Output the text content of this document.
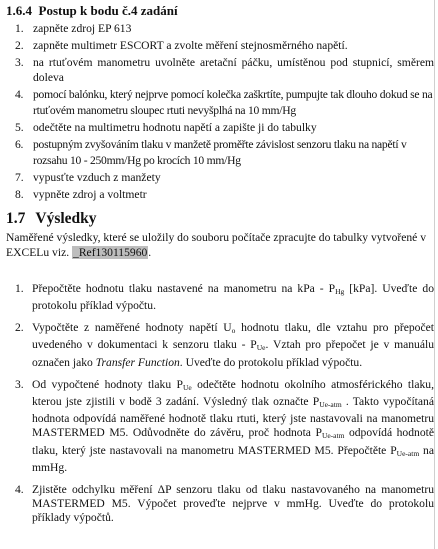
1.6.4 Postup k bodu č.4 zadání
1. zapněte zdroj EP 613
2. zapněte multimetr ESCORT a zvolte měření stejnosměrného napětí.
3. na rtuťovém manometru uvolněte aretační páčku, umístěnou pod stupnicí, směrem doleva
4. pomocí balónku, který nejprve pomocí kolečka zaškrtíte, pumpujte tak dlouho dokud se na rtuťovém manometru sloupec rtuti nevyšplhá na 10 mm/Hg
5. odečtěte na multimetru hodnotu napětí a zapište ji do tabulky
6. postupným zvyšováním tlaku v manžetě proměřte závislost senzoru tlaku na napětí v rozsahu 10 - 250mm/Hg po krocích 10 mm/Hg
7. vypusťte vzduch z manžety
8. vypněte zdroj a voltmetr
1.7 Výsledky

Naměřené výsledky, které se uložily do souboru počítače zpracujte do tabulky vytvořené v EXCELu viz. _Ref130115960.

1. Přepočtěte hodnotu tlaku nastavené na manometru na kPa - $P_{Hg}$ [kPa]. Uveďte do protokolu příklad výpočtu.
2. Vypočtěte z naměřené hodnoty napětí $U_o$ hodnotu tlaku, dle vztahu pro přepočet uvedeného v dokumentaci k senzoru tlaku - $P_{Ue}$. Vztah pro přepočet je v manuálu označen jako Transfer Function. Uveďte do protokolu příklad výpočtu.
3. Od vypočtené hodnoty tlaku $P_{Ue}$ odečtěte hodnotu okolního atmosférického tlaku, kterou jste zjistili v bodě 3 zadání. Výsledný tlak označte $P_{Ue-atm}$ . Takto vypočítaná hodnota odpovídá naměřené hodnotě tlaku rtuti, který jste nastavovali na manometru MASTERMED M5. Odůvodněte do závěru, proč hodnota $P_{Ue-atm}$ odpovídá hodnotě tlaku, který jste nastavovali na manometru MASTERMED M5. Přepočtěte $P_{Ue-atm}$ na mmHg.
4. Zjistěte odchylku měření ΔP senzoru tlaku od tlaku nastavovaného na manometru MASTERMED M5. Výpočet proveďte nejprve v mmHg. Uveďte do protokolu příklady výpočtů.
